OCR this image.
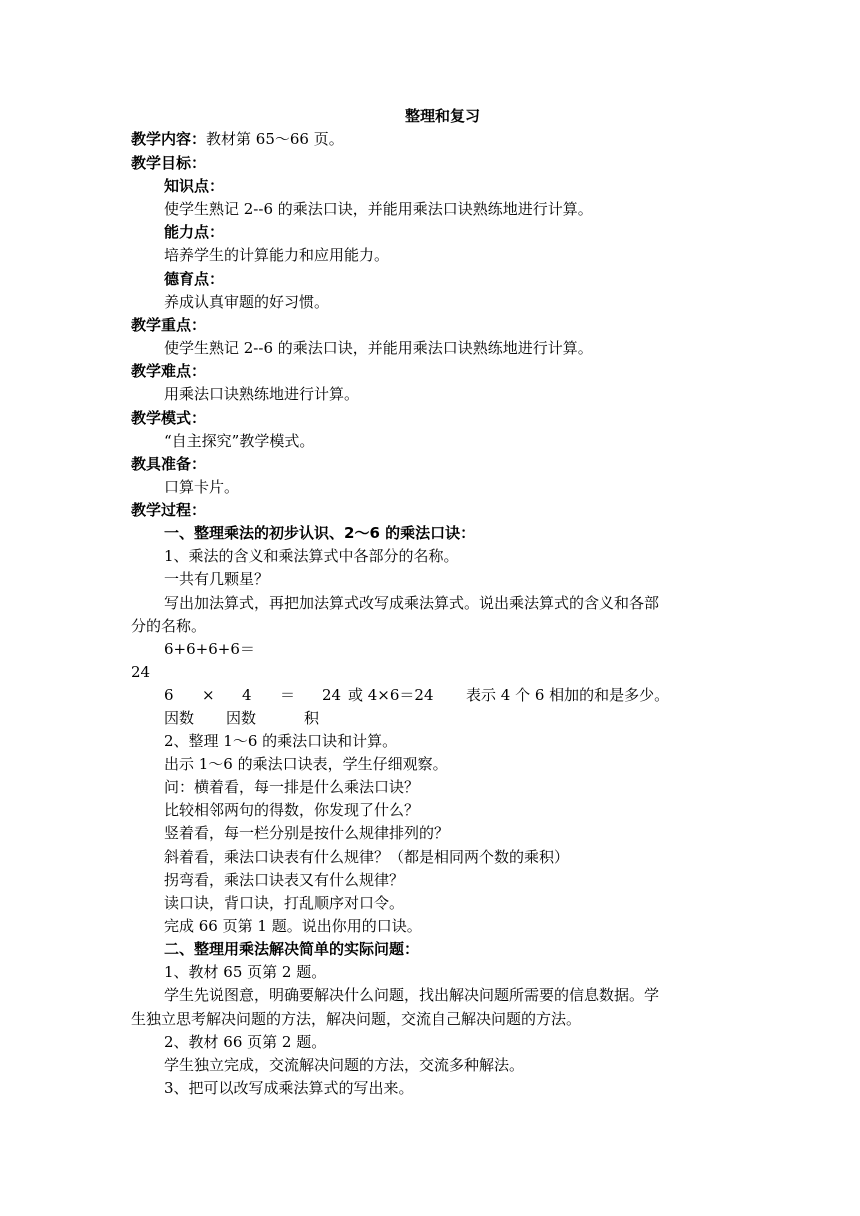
整理和复习
教学内容：教材第 65～66 页。
教学目标：
知识点：
使学生熟记 2--6 的乘法口诀，并能用乘法口诀熟练地进行计算。
能力点：
培养学生的计算能力和应用能力。
德育点：
养成认真审题的好习惯。
教学重点：
使学生熟记 2--6 的乘法口诀，并能用乘法口诀熟练地进行计算。
教学难点：
用乘法口诀熟练地进行计算。
教学模式：
“自主探究”教学模式。
教具准备：
口算卡片。
教学过程：
一、整理乘法的初步认识、2～6 的乘法口诀：
1、乘法的含义和乘法算式中各部分的名称。
一共有几颗星？
写出加法算式，再把加法算式改写成乘法算式。说出乘法算式的含义和各部
分的名称。
6+6+6+6＝
24
6 × 4 ＝ 24 或 4×6＝24 表示 4 个 6 相加的和是多少。
因数 因数	积
2、整理 1～6 的乘法口诀和计算。
出示 1～6 的乘法口诀表，学生仔细观察。
问：横着看，每一排是什么乘法口诀？
比较相邻两句的得数，你发现了什么？
竖着看，每一栏分别是按什么规律排列的？
斜着看，乘法口诀表有什么规律？（都是相同两个数的乘积）
拐弯看，乘法口诀表又有什么规律？
读口诀，背口诀，打乱顺序对口令。
完成 66 页第 1 题。说出你用的口诀。
二、整理用乘法解决简单的实际问题：
1、教材 65 页第 2 题。
学生先说图意，明确要解决什么问题，找出解决问题所需要的信息数据。学
生独立思考解决问题的方法，解决问题，交流自己解决问题的方法。
2、教材 66 页第 2 题。
学生独立完成，交流解决问题的方法，交流多种解法。
3、把可以改写成乘法算式的写出来。
